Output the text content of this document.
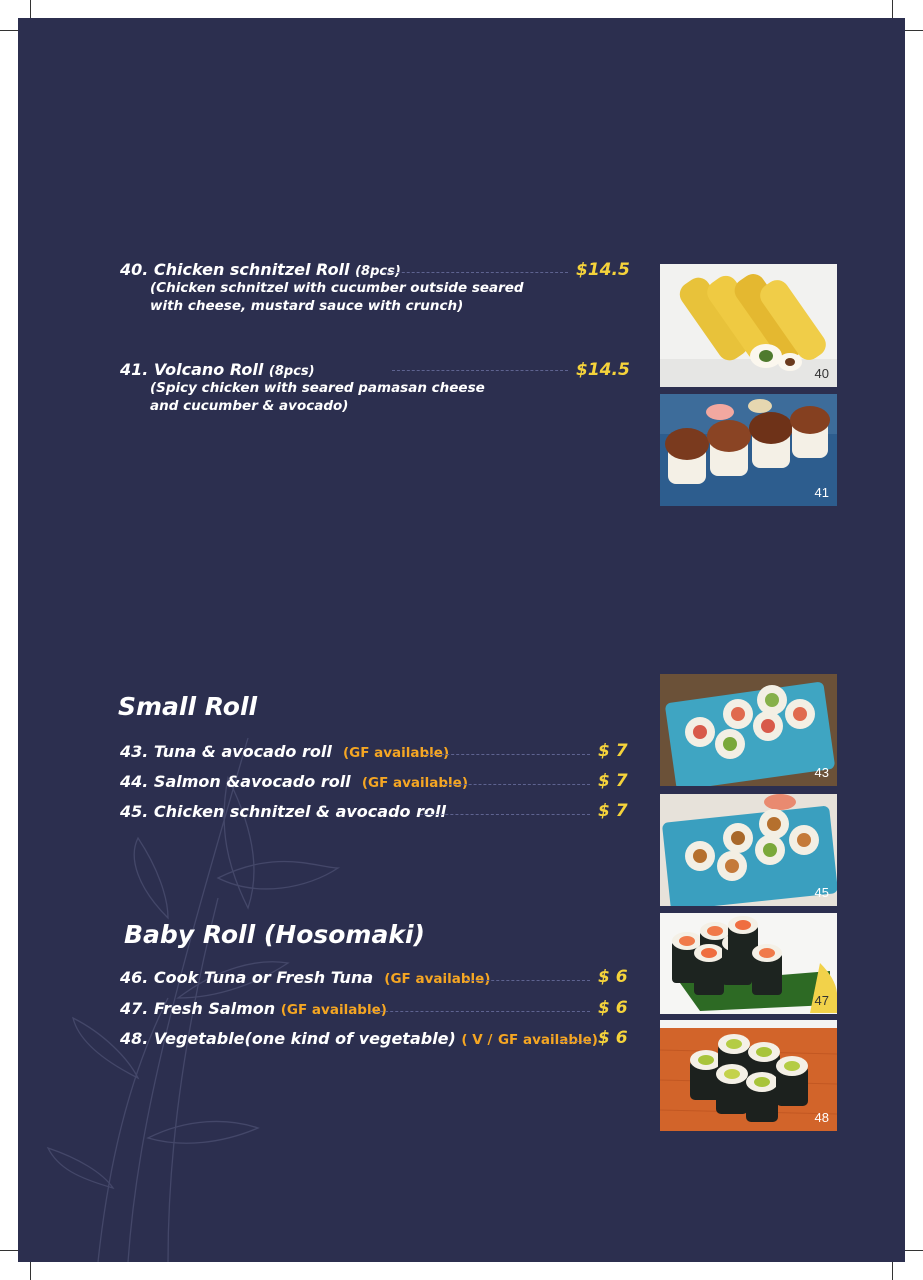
40. Chicken schnitzel Roll (8pcs)
(Chicken schnitzel with cucumber outside seared
with cheese, mustard sauce with crunch)
$14.5
41. Volcano Roll (8pcs)
(Spicy chicken with seared pamasan cheese
and cucumber & avocado)
$14.5
Small Roll
43. Tuna & avocado roll (GF available)	$ 7
44. Salmon &avocado roll (GF available)	$ 7
45. Chicken schnitzel & avocado roll	$ 7
Baby Roll (Hosomaki)
46. Cook Tuna or Fresh Tuna (GF available)	$ 6
47. Fresh Salmon (GF available)	$ 6
48. Vegetable(one kind of vegetable) ( V / GF available) $ 6
40
41
43
45
47
48
